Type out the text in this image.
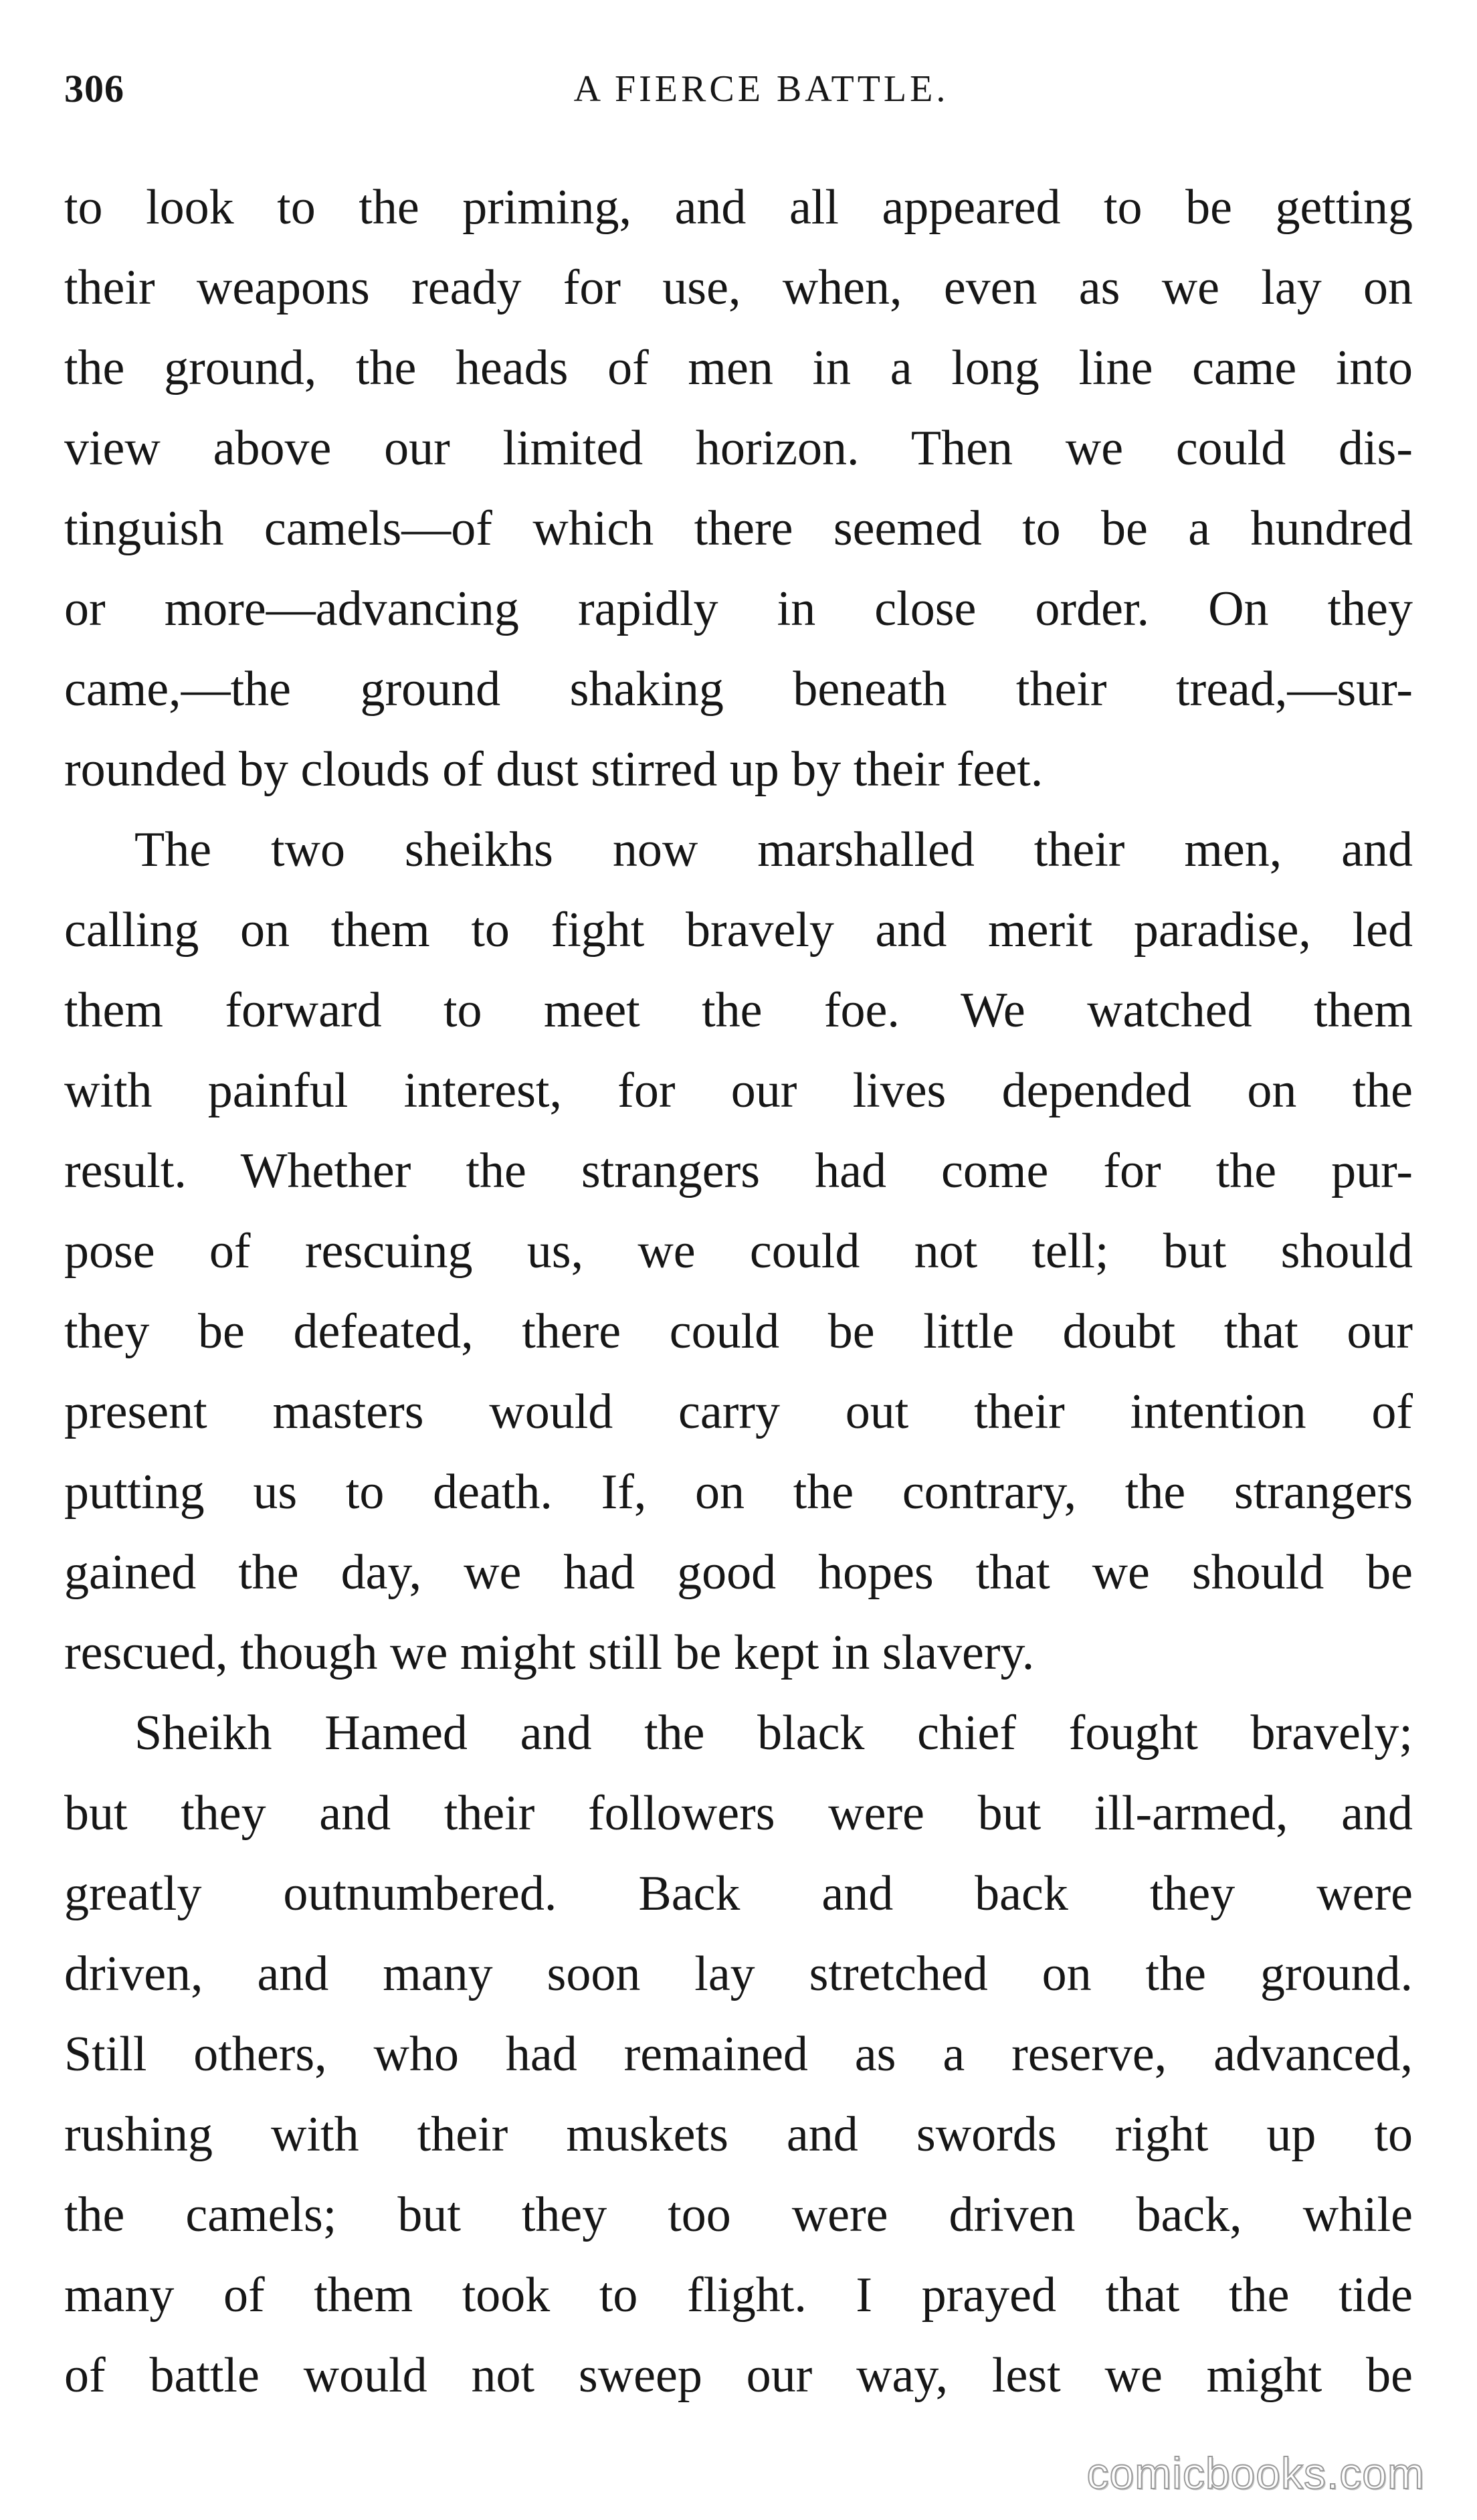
306	A FIERCE BATTLE.

to look to the priming, and all appeared to be getting
their weapons ready for use, when, even as we lay on
the ground, the heads of men in a long line came into
view above our limited horizon. Then we could dis-
tinguish camels—of which there seemed to be a hundred
or more—advancing rapidly in close order. On they
came,—the ground shaking beneath their tread,—sur-
rounded by clouds of dust stirred up by their feet.

The two sheikhs now marshalled their men, and
calling on them to fight bravely and merit paradise, led
them forward to meet the foe. We watched them
with painful interest, for our lives depended on the
result. Whether the strangers had come for the pur-
pose of rescuing us, we could not tell; but should
they be defeated, there could be little doubt that our
present masters would carry out their intention of
putting us to death. If, on the contrary, the strangers
gained the day, we had good hopes that we should be
rescued, though we might still be kept in slavery.

Sheikh Hamed and the black chief fought bravely;
but they and their followers were but ill-armed, and
greatly outnumbered. Back and back they were
driven, and many soon lay stretched on the ground.
Still others, who had remained as a reserve, advanced,
rushing with their muskets and swords right up to
the camels; but they too were driven back, while
many of them took to flight. I prayed that the tide
of battle would not sweep our way, lest we might be

comicbooks.com
